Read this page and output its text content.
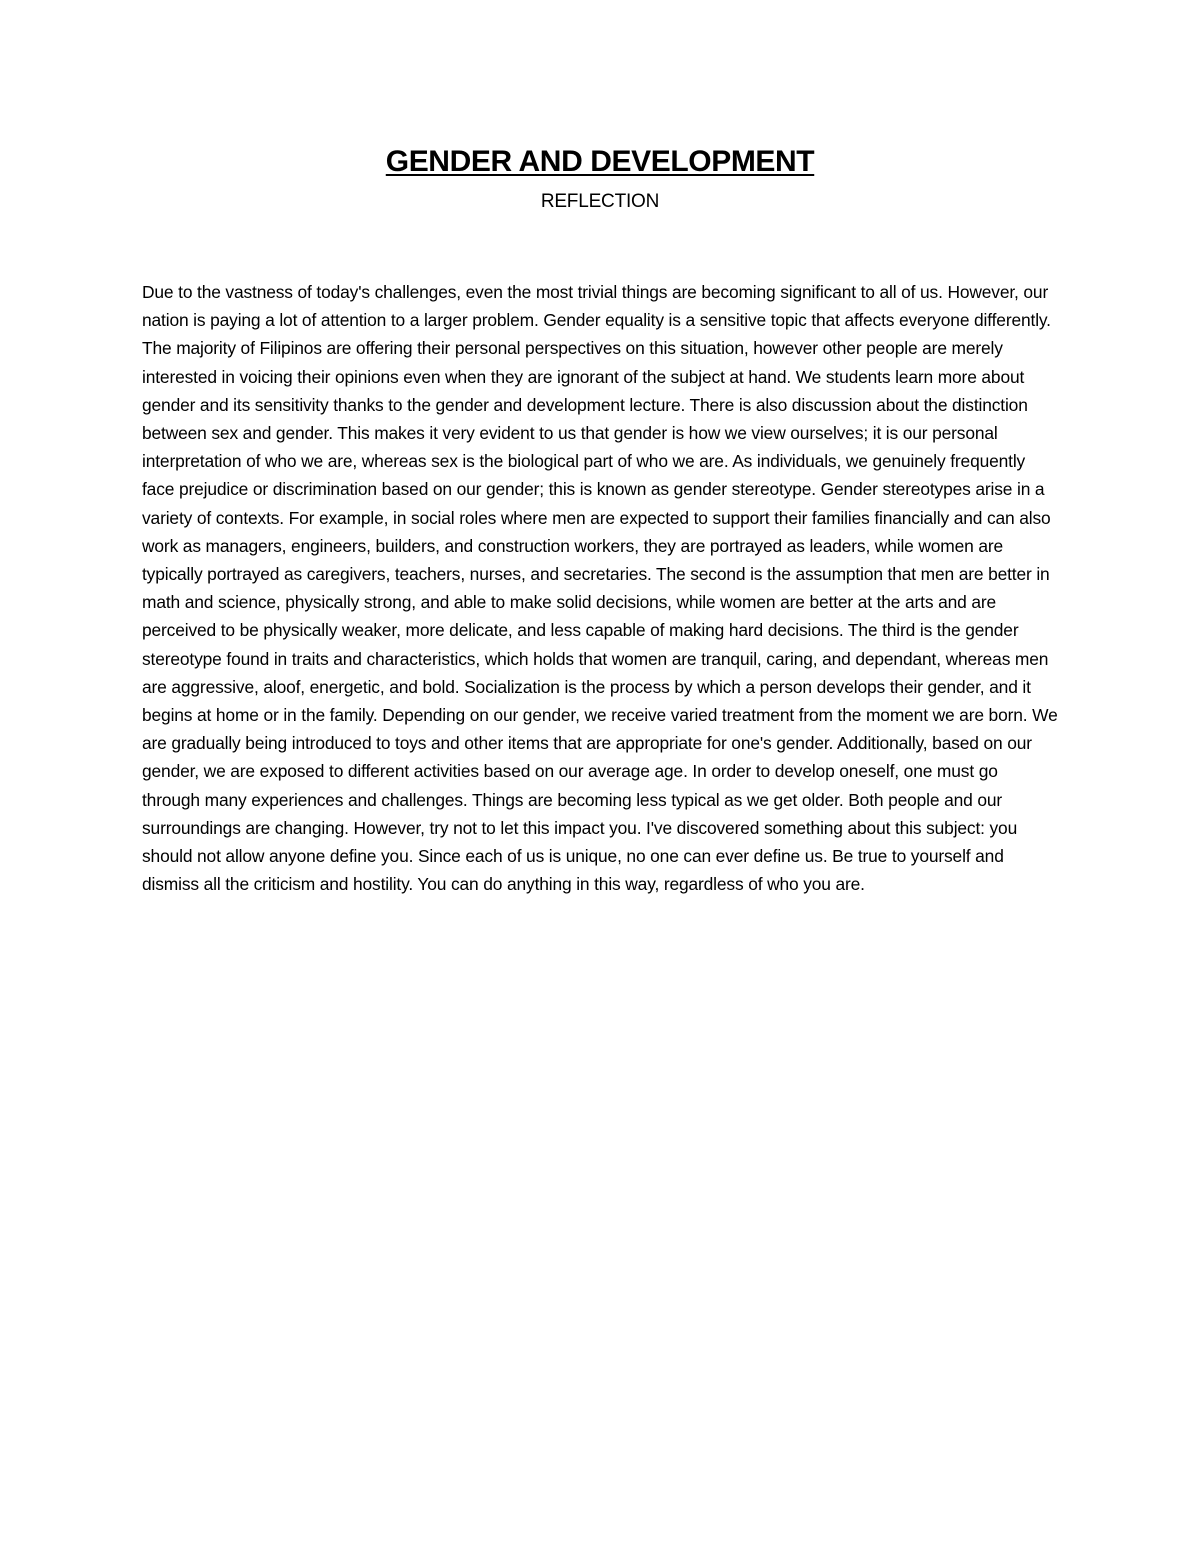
GENDER AND DEVELOPMENT
REFLECTION

Due to the vastness of today's challenges, even the most trivial things are becoming significant to all of us. However, our nation is paying a lot of attention to a larger problem. Gender equality is a sensitive topic that affects everyone differently. The majority of Filipinos are offering their personal perspectives on this situation, however other people are merely interested in voicing their opinions even when they are ignorant of the subject at hand. We students learn more about gender and its sensitivity thanks to the gender and development lecture. There is also discussion about the distinction between sex and gender. This makes it very evident to us that gender is how we view ourselves; it is our personal interpretation of who we are, whereas sex is the biological part of who we are. As individuals, we genuinely frequently face prejudice or discrimination based on our gender; this is known as gender stereotype. Gender stereotypes arise in a variety of contexts. For example, in social roles where men are expected to support their families financially and can also work as managers, engineers, builders, and construction workers, they are portrayed as leaders, while women are typically portrayed as caregivers, teachers, nurses, and secretaries. The second is the assumption that men are better in math and science, physically strong, and able to make solid decisions, while women are better at the arts and are perceived to be physically weaker, more delicate, and less capable of making hard decisions. The third is the gender stereotype found in traits and characteristics, which holds that women are tranquil, caring, and dependant, whereas men are aggressive, aloof, energetic, and bold. Socialization is the process by which a person develops their gender, and it begins at home or in the family. Depending on our gender, we receive varied treatment from the moment we are born. We are gradually being introduced to toys and other items that are appropriate for one's gender. Additionally, based on our gender, we are exposed to different activities based on our average age. In order to develop oneself, one must go through many experiences and challenges. Things are becoming less typical as we get older. Both people and our surroundings are changing. However, try not to let this impact you. I've discovered something about this subject: you should not allow anyone define you. Since each of us is unique, no one can ever define us. Be true to yourself and dismiss all the criticism and hostility. You can do anything in this way, regardless of who you are.
